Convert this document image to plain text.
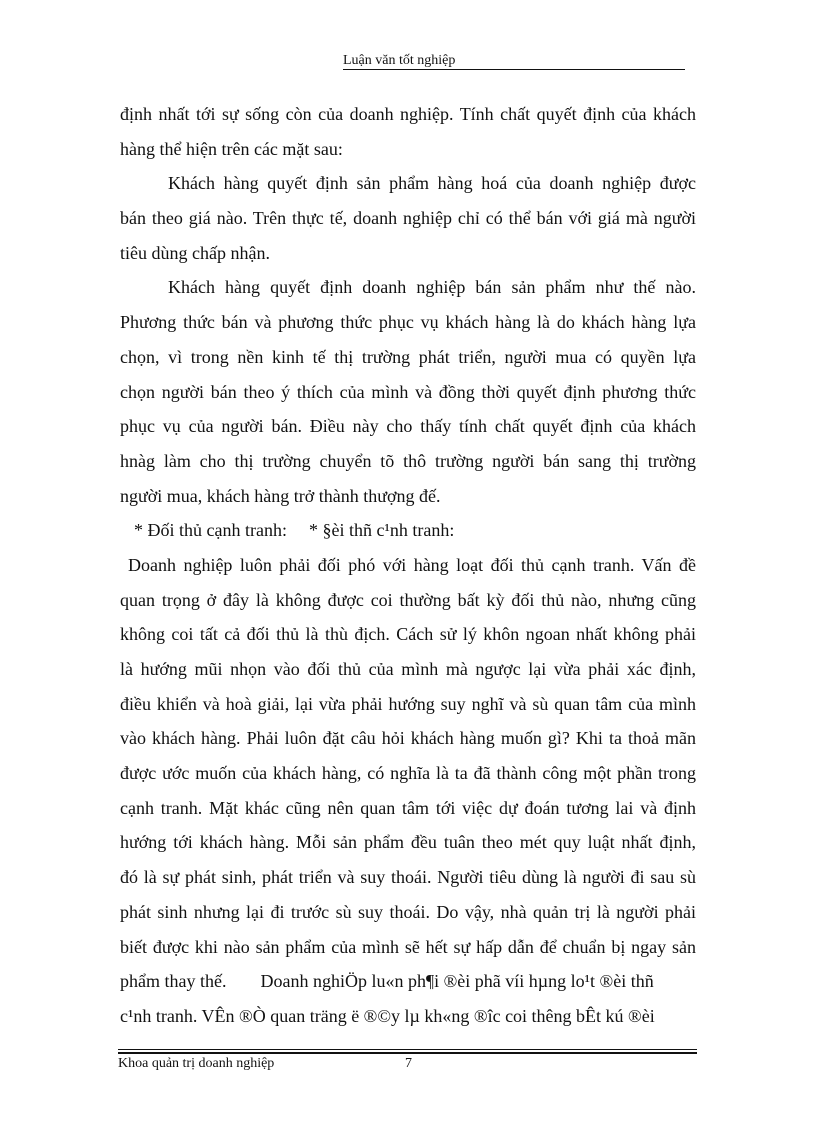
Luận văn tốt nghiệp
định nhất tới sự sống còn của doanh nghiệp. Tính chất quyết định của khách
hàng thể hiện trên các mặt sau:
Khách hàng quyết định sản phẩm hàng hoá của doanh nghiệp được
bán theo giá nào. Trên thực tế, doanh nghiệp chỉ có thể bán với giá mà người
tiêu dùng chấp nhận.
Khách hàng quyết định doanh nghiệp bán sản phẩm như thế nào.
Phương thức bán và phương thức phục vụ khách hàng là do khách hàng lựa
chọn, vì trong nền kinh tế thị trường phát triển, người mua có quyền lựa
chọn người bán theo ý thích của mình và đồng thời quyết định phương thức
phục vụ của người bán. Điều này cho thấy tính chất quyết định của khách
hnàg làm cho thị trường chuyển tõ thô trường người bán sang thị trường
người mua, khách hàng trở thành thượng đế.
* Đối thủ cạnh tranh: * §èi thñ c¹nh tranh:
Doanh nghiệp luôn phải đối phó với hàng loạt đối thủ cạnh tranh. Vấn đề
quan trọng ở đây là không được coi thường bất kỳ đối thủ nào, nhưng cũng
không coi tất cả đối thủ là thù địch. Cách sử lý khôn ngoan nhất không phải
là hướng mũi nhọn vào đối thủ của mình mà ngược lại vừa phải xác định,
điều khiển và hoà giải, lại vừa phải hướng suy nghĩ và sù quan tâm của mình
vào khách hàng. Phải luôn đặt câu hỏi khách hàng muốn gì? Khi ta thoả mãn
được ước muốn của khách hàng, có nghĩa là ta đã thành công một phần trong
cạnh tranh. Mặt khác cũng nên quan tâm tới việc dự đoán tương lai và định
hướng tới khách hàng. Mỗi sản phẩm đều tuân theo mét quy luật nhất định,
đó là sự phát sinh, phát triển và suy thoái. Người tiêu dùng là người đi sau sù
phát sinh nhưng lại đi trước sù suy thoái. Do vậy, nhà quản trị là người phải
biết được khi nào sản phẩm của mình sẽ hết sự hấp dẫn để chuẩn bị ngay sản
phẩm thay thế. Doanh nghiÖp lu«n ph¶i ®èi phã víi hµng lo¹t ®èi thñ
c¹nh tranh. VÊn ®Ò quan träng ë ®©y lµ kh«ng ®îc coi thêng bÊt kú ®èi
Khoa quản trị doanh nghiệp	7
